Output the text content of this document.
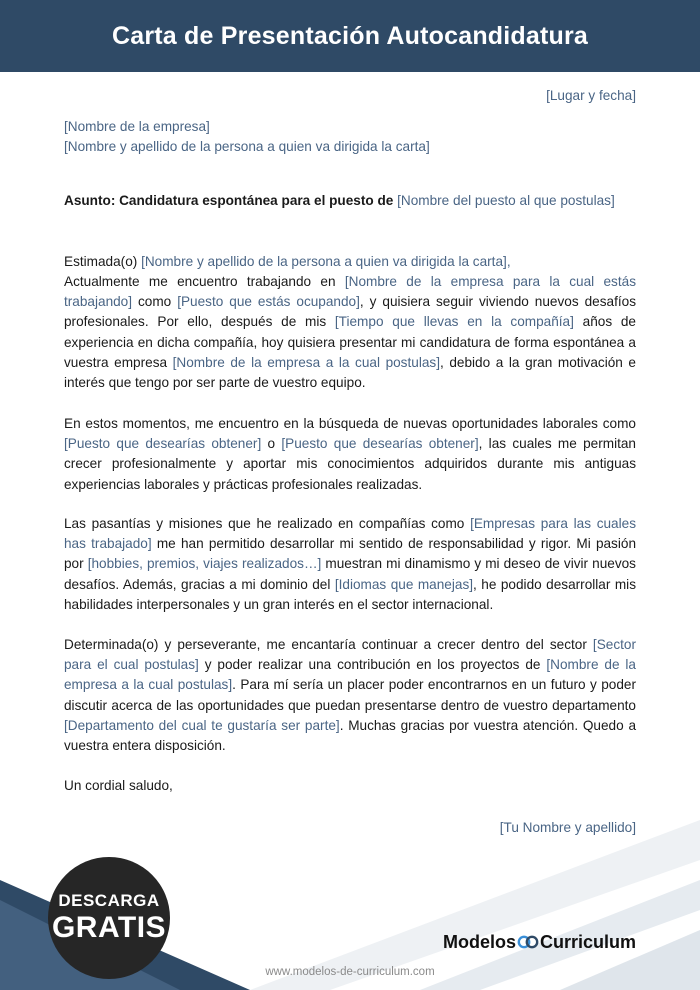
Carta de Presentación Autocandidatura
[Lugar y fecha]

[Nombre de la empresa]

[Nombre y apellido de la persona a quien va dirigida la carta]

Asunto: Candidatura espontánea para el puesto de [Nombre del puesto al que postulas]
Estimada(o) [Nombre y apellido de la persona a quien va dirigida la carta],

Actualmente me encuentro trabajando en [Nombre de la empresa para la cual estás trabajando] como [Puesto que estás ocupando], y quisiera seguir viviendo nuevos desafíos profesionales. Por ello, después de mis [Tiempo que llevas en la compañía] años de experiencia en dicha compañía, hoy quisiera presentar mi candidatura de forma espontánea a vuestra empresa [Nombre de la empresa a la cual postulas], debido a la gran motivación e interés que tengo por ser parte de vuestro equipo.

En estos momentos, me encuentro en la búsqueda de nuevas oportunidades laborales como [Puesto que desearías obtener] o [Puesto que desearías obtener], las cuales me permitan crecer profesionalmente y aportar mis conocimientos adquiridos durante mis antiguas experiencias laborales y prácticas profesionales realizadas.

Las pasantías y misiones que he realizado en compañías como [Empresas para las cuales has trabajado] me han permitido desarrollar mi sentido de responsabilidad y rigor. Mi pasión por [hobbies, premios, viajes realizados…] muestran mi dinamismo y mi deseo de vivir nuevos desafíos. Además, gracias a mi dominio del [Idiomas que manejas], he podido desarrollar mis habilidades interpersonales y un gran interés en el sector internacional.

Determinada(o) y perseverante, me encantaría continuar a crecer dentro del sector [Sector para el cual postulas] y poder realizar una contribución en los proyectos de [Nombre de la empresa a la cual postulas]. Para mí sería un placer poder encontrarnos en un futuro y poder discutir acerca de las oportunidades que puedan presentarse dentro de vuestro departamento [Departamento del cual te gustaría ser parte]. Muchas gracias por vuestra atención. Quedo a vuestra entera disposición.

Un cordial saludo,
[Tu Nombre y apellido]
DESCARGA
GRATIS	Modelos Curriculum
www.modelos-de-curriculum.com
